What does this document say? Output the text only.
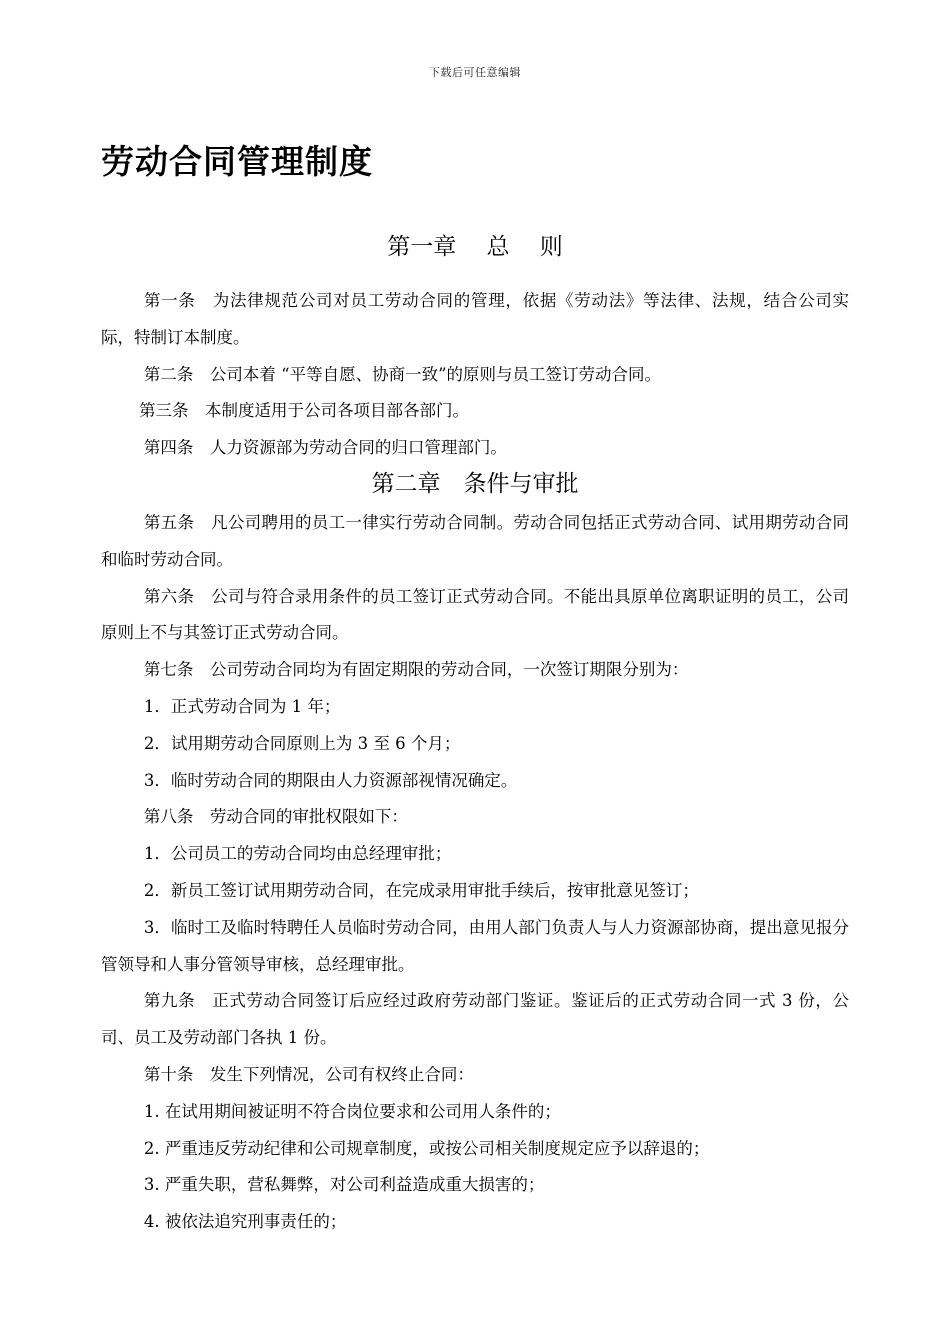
下载后可任意编辑
劳动合同管理制度
第一章　 总　 则

第一条　为法律规范公司对员工劳动合同的管理，依据《劳动法》等法律、法规，结合公司实际，特制订本制度。

第二条　公司本着 “平等自愿、协商一致”的原则与员工签订劳动合同。

第三条　本制度适用于公司各项目部各部门。

第四条　人力资源部为劳动合同的归口管理部门。

第五条　凡公司聘用的员工一律实行劳动合同制。劳动合同包括正式劳动合同、试用期劳动合同和临时劳动合同。

第六条　公司与符合录用条件的员工签订正式劳动合同。不能出具原单位离职证明的员工，公司原则上不与其签订正式劳动合同。

第七条　公司劳动合同均为有固定期限的劳动合同，一次签订期限分别为：

1．正式劳动合同为 1 年；

2．试用期劳动合同原则上为 3 至 6 个月；

3．临时劳动合同的期限由人力资源部视情况确定。

第八条　劳动合同的审批权限如下：

1．公司员工的劳动合同均由总经理审批；

2．新员工签订试用期劳动合同，在完成录用审批手续后，按审批意见签订；

3．临时工及临时特聘任人员临时劳动合同，由用人部门负责人与人力资源部协商，提出意见报分管领导和人事分管领导审核，总经理审批。

第九条　正式劳动合同签订后应经过政府劳动部门鉴证。鉴证后的正式劳动合同一式 3 份，公司、员工及劳动部门各执 1 份。

第十条　发生下列情况，公司有权终止合同：

1. 在试用期间被证明不符合岗位要求和公司用人条件的；

2. 严重违反劳动纪律和公司规章制度，或按公司相关制度规定应予以辞退的；

3. 严重失职，营私舞弊，对公司利益造成重大损害的；

4. 被依法追究刑事责任的；

第二章　条件与审批
